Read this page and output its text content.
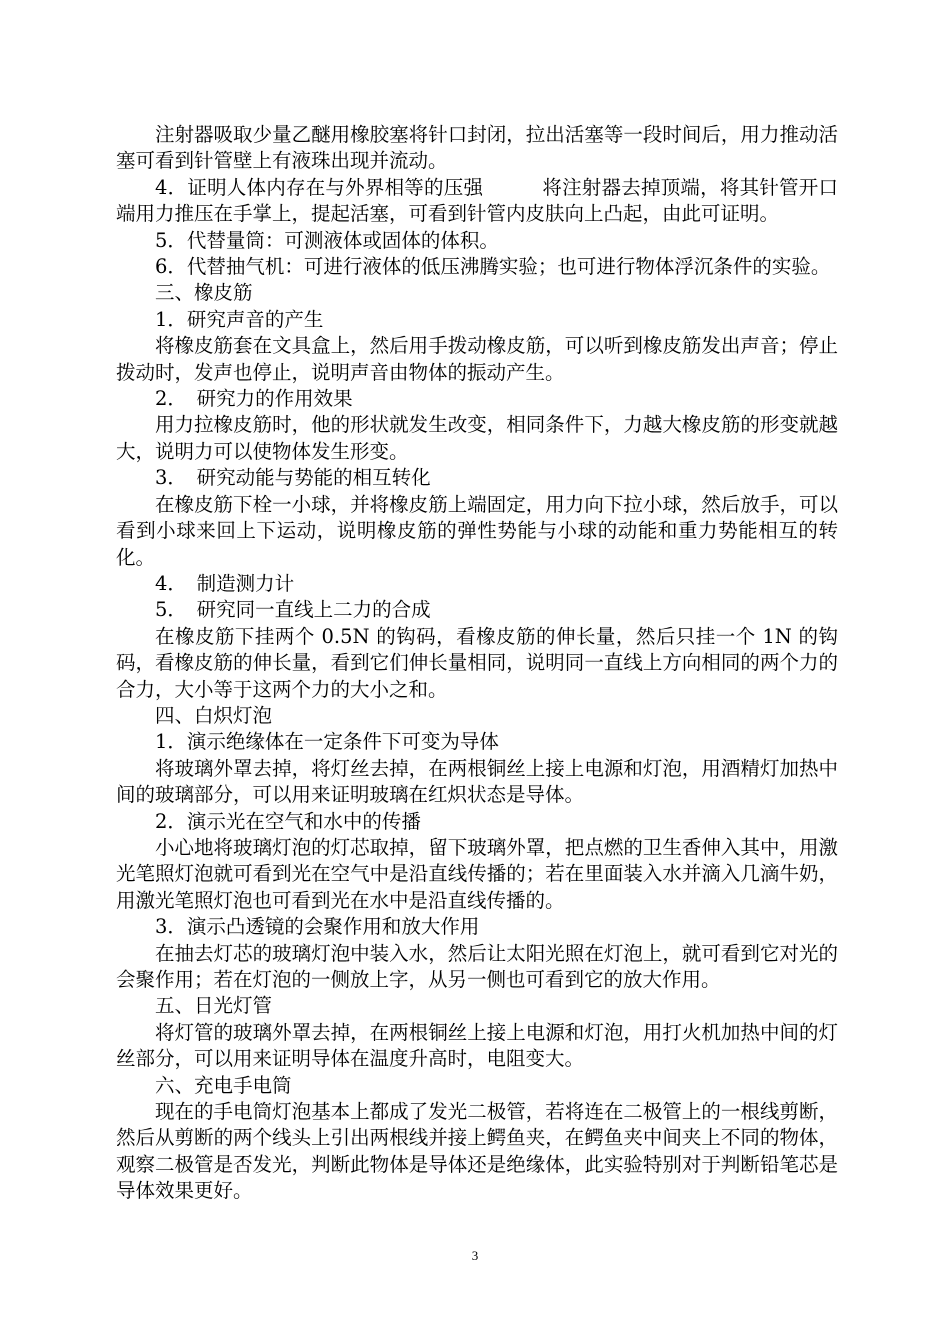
注射器吸取少量乙醚用橡胶塞将针口封闭，拉出活塞等一段时间后，用力推动活塞可看到针管壁上有液珠出现并流动。

4．证明人体内存在与外界相等的压强　　　将注射器去掉顶端，将其针管开口端用力推压在手掌上，提起活塞，可看到针管内皮肤向上凸起，由此可证明。

5．代替量筒：可测液体或固体的体积。

6．代替抽气机：可进行液体的低压沸腾实验；也可进行物体浮沉条件的实验。

三、橡皮筋

1．研究声音的产生

将橡皮筋套在文具盒上，然后用手拨动橡皮筋，可以听到橡皮筋发出声音；停止拨动时，发声也停止，说明声音由物体的振动产生。

2．　研究力的作用效果

用力拉橡皮筋时，他的形状就发生改变，相同条件下，力越大橡皮筋的形变就越大，说明力可以使物体发生形变。

3．　研究动能与势能的相互转化

在橡皮筋下栓一小球，并将橡皮筋上端固定，用力向下拉小球，然后放手，可以看到小球来回上下运动，说明橡皮筋的弹性势能与小球的动能和重力势能相互的转化。

4．　制造测力计

5．　研究同一直线上二力的合成

在橡皮筋下挂两个 0.5N 的钩码，看橡皮筋的伸长量，然后只挂一个 1N 的钩码，看橡皮筋的伸长量，看到它们伸长量相同，说明同一直线上方向相同的两个力的合力，大小等于这两个力的大小之和。

四、白炽灯泡

1．演示绝缘体在一定条件下可变为导体

将玻璃外罩去掉，将灯丝去掉，在两根铜丝上接上电源和灯泡，用酒精灯加热中间的玻璃部分，可以用来证明玻璃在红炽状态是导体。

2．演示光在空气和水中的传播

小心地将玻璃灯泡的灯芯取掉，留下玻璃外罩，把点燃的卫生香伸入其中，用激光笔照灯泡就可看到光在空气中是沿直线传播的；若在里面装入水并滴入几滴牛奶，用激光笔照灯泡也可看到光在水中是沿直线传播的。

3．演示凸透镜的会聚作用和放大作用

在抽去灯芯的玻璃灯泡中装入水，然后让太阳光照在灯泡上，就可看到它对光的会聚作用；若在灯泡的一侧放上字，从另一侧也可看到它的放大作用。

五、日光灯管

将灯管的玻璃外罩去掉，在两根铜丝上接上电源和灯泡，用打火机加热中间的灯丝部分，可以用来证明导体在温度升高时，电阻变大。

六、充电手电筒

现在的手电筒灯泡基本上都成了发光二极管，若将连在二极管上的一根线剪断，然后从剪断的两个线头上引出两根线并接上鳄鱼夹，在鳄鱼夹中间夹上不同的物体，观察二极管是否发光，判断此物体是导体还是绝缘体，此实验特别对于判断铅笔芯是导体效果更好。

3
